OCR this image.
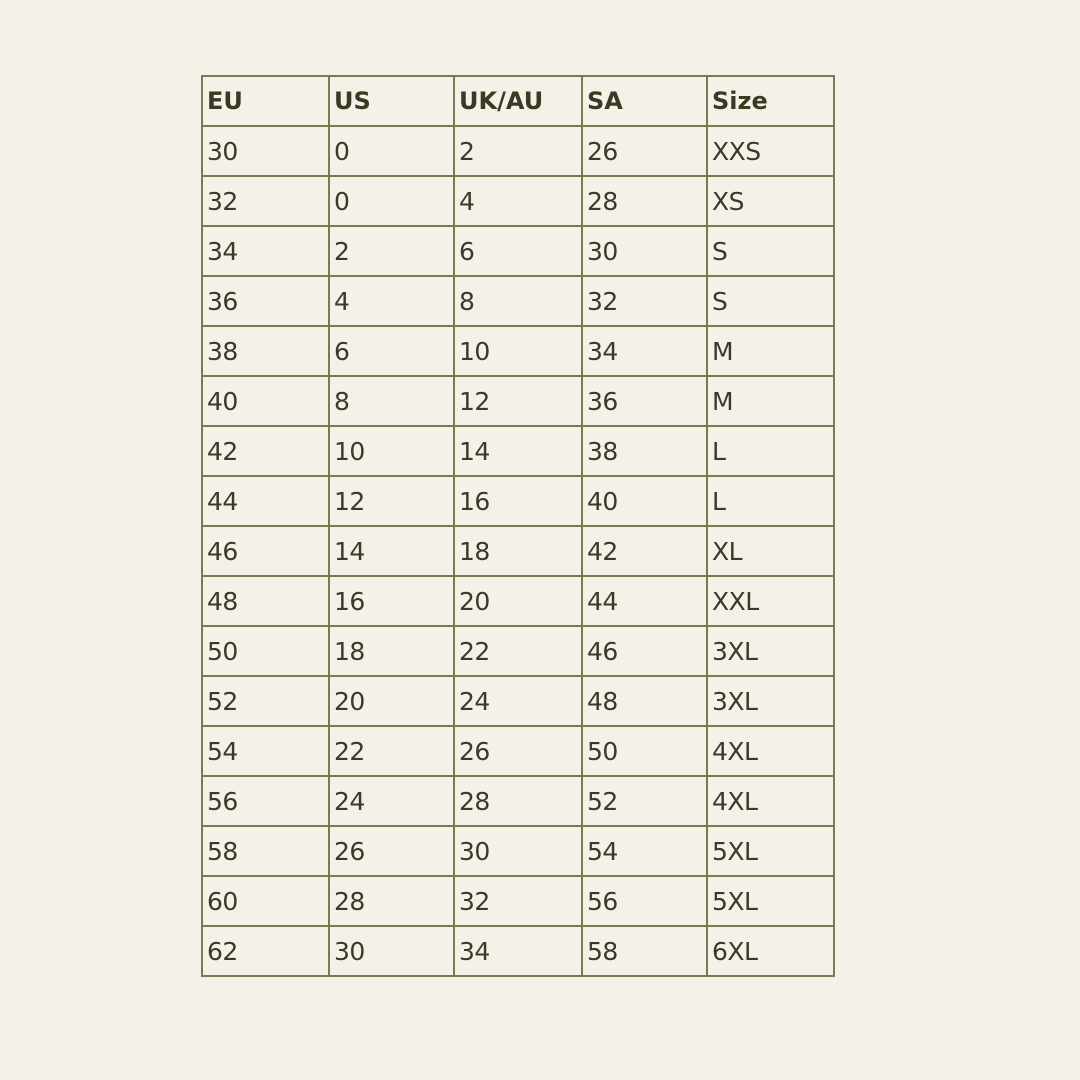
EU	US	UK/AU	SA	Size
30	0	2	26	XXS
32	0	4	28	XS
34	2	6	30	S
36	4	8	32	S
38	6	10	34	M
40	8	12	36	M
42	10	14	38	L
44	12	16	40	L
46	14	18	42	XL
48	16	20	44	XXL
50	18	22	46	3XL
52	20	24	48	3XL
54	22	26	50	4XL
56	24	28	52	4XL
58	26	30	54	5XL
60	28	32	56	5XL
62	30	34	58	6XL
